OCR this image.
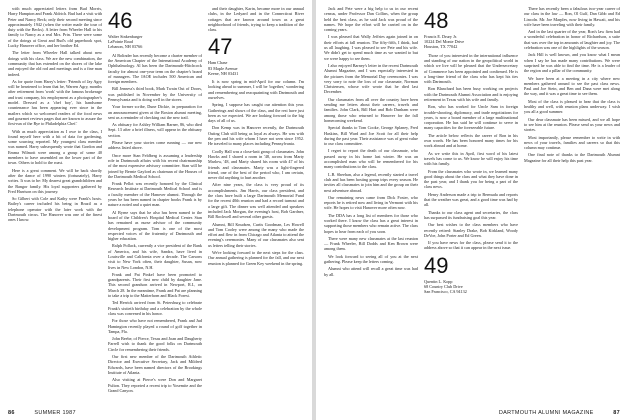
with much appreciated letters from Bud Morris, Harry Hampton and Frank Aldrich. Bud had a visit with Peter and Nancy Beck; only their second meeting since approximately 1942 (when the writer made the tour of duty with the Becks). A letter from Wheeler Hall to his family to Nancy as a real Mrs. Prin. There were some of the doings at Great and Bud's old paperbook spot, Lucky Hanover office, and her brother Ed.

The letter from Wheeler Hall talked about new doings with his class. We are the new combination, the community that has extended on the shores of the lake and enjoyed the old rod and meetings and is a fine man indeed.

As for quote from Harry's letter: 'Friends of Jay Agry will be heartened to learn that he, Warren Agry, months after retirement from 'work' with the famous brokerage and trust company, his employment as a photographer's model. Dressed as a 'chef boy', his handsome countenance has been appearing ever since in the mailers which so welcomed readers of the food news and gourmet reviews pages that are known to assure the first-run of the Rye to Philadelphia Chef.'

With as much appreciation as I owe to the class, I found myself here with a bit of data for gardening, some sourcing reported. My youngest class member was named. Harry subsequently wrote that Gordon and Emma Wilmott were among a group of some 40 members to have assembled on the lower part of the town. Others to hold to the roast.

Here is a great comment. We will be back shortly after the dance of 1990 winters (fortunately), Harry writes. It was to be: My dearest great grandchildren and the Bangor family. His loyal supporters gathered by Fred Harrison on this journey.

So Gilbert with Cole and Kathy were Frank's hosts. Bailey's career included his being in Brazil as a telephone operator with the later work with the Dartmouth circus. The Hanover was one of the finest ones I know.

46
Walter Sinkenbarger
LaPointe Road
Lebanon, NH 03766

Al Bolinder has recently become a charter member of the American Chapter of the International Academy of Ophthalmology. Al has been the Dartmouth-Hitchcock faculty for almost one-year term on the chapter's board of managers. The IAOE includes 500 American and foreign members.

Bill Jenness's third book, Mark Twain Out of Doors, was published in November by the University of Pennsylvania and is doing well in the stores.

Your former scribe, Dune Dickie, in preparation for an announcement given at the Boston alumni meeting, sent us a reminder of checking out the new trail.

As obituary for Ashley William Barner, 86, who died Sept. 13 after a brief illness, will appear in the obituary section.

Please have your stories come running — our new address listed above.

Once more Stan Feldberg is assuming a leadership role in Dartmouth affairs with his recent chairmanship of the most expensive advisory committee. Stan will be joined by Bernie Gaylord as chairman of the Houses of the Dartmouth Medical School.

Frank Pellot was recently honored by the Clinical Research Institute at Dartmouth Medical School and is a faculty member of the Hanover alumni. Through the years he has been named in chapter books Frank is by nature a noted and a quiet man.

Al Byrne says that he also has been named to the board of the Children's Hospital Medical Center. Stan has remained as nurse advisor of the community development program. Tom is one of the most respected voices of the fraternity of Dartmouth and higher education.

Ralph Pollack, currently a vice president of the Bank of America, and his wife, Sandra, have lived in Louisville and California over a decade. The Carsons visit to New York often, their daughter, Susan, now lives in New London, N.H.

Frank and Pat Pinkel have been promoted to grandparents. Their first new child by daughter Jane. This second grandson arrived in Newport, R.I., on March 28. In the meantime, Frank and Pat are planning to take a trip to the Matterhorn and Black Forest.

Ted Herrick arrived from St. Petersburg to celebrate Frank's sixtieth birthday and a celebration by the whole class was convened in his honor.

For those who have not remembered, Frank and Jud Hamington recently played a round of golf together in Tampa, Fla.

John Beebe, of Pierce, Texas and Joan and Daugherty Farrell wish to thank the good folks on Dartmouth Circle for remembering their friends.

Our first new member of the Dartmouth Athletic Director and Executive Secretary, Jack and Mildred Edwards, have been named directors of the Brookings Institute of Atlanta.

Also visiting at Pierce's were Don and Margaret Fulton. They reported a recent trip to Yosemite and the Grand Canyon.

and their daughter, Karin, became more in our annual clubs, in the Ledyard and in the Connecticut River cottages that are known around town as a great neighborhood of friends, trying to keep a tradition of the class.

47
Ham Chase
83 Maple Avenue
Keene, NH 03431

It is now spring in mid-April for our column. I'm looking ahead to summer, I will be 'together,' wondering and remembering and reacquainting with Dartmouth and ourselves.

Spring, I suppose has caught our attention this year. Gatherings and shows of the class, and the rest have just been as we expected. We are looking forward to the big days of all of us.

Don Kemp was in Hanover recently, the Dartmouth Outing Club still being as loyal as always. He was with the pen and his wife whom I have not seen since 1952. He traveled to many places including Pennsylvania.

Coolly Hall was a close-knit group of classmates. John Hawks and I shared a room in '48, across from Marty Marlow, '48, and Marty shared his room with 47 of his friends and classmates. Marty was a light-fingered friend, one of the best of the period who, I am certain, never did anything to hurt another.

After nine years, the class is very proud of its accomplishments. Jim Harris, our class president, and the class have built a large Dartmouth Memorial Fund for the recent 40th reunion and had a record turnout and a large gift. The dinner was well attended and speakers included Jack Morgan, the evening's host, Bob Gardner, Bill Rockwell and several other guests.

Alumni, Bill Knudsen, Curtis Goodman, Les Howell and Tom Cooley were among the many who made the effort and flew in from Chicago and Atlanta to attend the evening's ceremonies. Many of our classmates also sent us letters telling their stories.

We're looking forward to the next steps for the class. Our annual gathering is planned for the fall, and our next reunion is planned for Green Key weekend in the spring.

86	SUMMER 1987

Jack and Pete were a big help to us in our recent census, under Professor Dan Collins, when the group held the best class, as he said Jack was proud of the names. We hope the effort will be carried on in the coming years.

I was pleased that Wally Jeffries again joined in on their efforts at fall reunion. The fifty-fifth, I think, had us all laughing. I was pleased to see Pete and his wife. We didn't get to spend much time as we wanted to but we were happy to see them.

I also enjoyed Barney's letter in the recent Dartmouth Alumni Magazine, and I was especially interested in the pictures from the Memorial Day ceremonies. I was very sorry to note the loss of our classmate, Norman Christensen, whose wife wrote that he died last December.

Our classmates from all over the country have been sending me letters about their careers, travels and families. John Clark, Bill Hart and Bob Dunham were among those who returned to Hanover for the fall homecoming weekend.

Special thanks to Tom Cooke, George Splaney, Fred Haskins, Bill Ward and Joe Scott for all their help during the past year. Their assistance was of great value to our class committee.

I regret to report the death of our classmate, who passed away in his home last winter. He was an accomplished man who will be remembered for his many contributions to the class.

L.B. Sheehan, also a legend, recently started a travel club and has been hosting group trips every season. He invites all classmates to join him and the group on their next adventure abroad.

Our remaining news came from Dick Foster, who reports he is retired now and living in Vermont with his wife. He hopes to visit Hanover more often now.

The DDA has a long list of members for those who worked there. I know the class has a great interest in supporting those members who remain active. The class hopes to hear from each of you soon.

There were many new classmates at the last reunion — Frank Wheeler, Bill Dodds and Ken Brown were among them.

We look forward to seeing all of you at the next gathering. Please keep the letters coming.

Alumni who attend will recall a great time was had by all.

48
Francis E. Drury Jr.
10224 Del Monte Drive
Houston, TX 77042

Those of you interested in the international influence and standing of our nation in the geopolitical world in which we live will be pleased that the Undersecretary of Commerce has been appointed and confirmed. He is a long-time friend of the class who has kept his ties with Dartmouth.

Ron Blanchard has been busy working on projects with the Dartmouth Alumni Association and is enjoying retirement in Texas with his wife and family.

Ron, who has worked for Uncle Sam in foreign trouble-shooting, diplomacy, and trade negotiations for years, is now a board member of a large multinational corporation. He has said he will continue to serve in many capacities for the foreseeable future.

The article below reflects the career of Ron in his own words. He has been honored many times for his work abroad and at home.

As we write this in April, first word of his latest travels has come to us. We know he will enjoy his time with his family.

From the classmates who wrote in, we learned many good things about the class and what they have done in the past year, and I thank you for being a part of the class news.

Henry Anderson made a trip to Bermuda and reports that the weather was great, and a good time was had by all.

Thanks to our class agent and secretaries, the class has surpassed its fundraising goal this year.

Our best wishes to the class members who have recently retired: Stanley Drake, Bob Kirkland, Woody DeVoe, John Porter and Ed Green.

If you have news for the class, please send it to the address above so that it can appear in the next issue.

49
Quentin L. Kopp
68 Country Club Drive
San Francisco, CA 94132

There has recently been a fabulous two-year career of our class in the law — Ron, Ol Gulf, Dan Gibb and Ed Lincoln. Mr. Joe Marples, now living in Hawaii, and his wife have been traveling with their family.

And in the last quarter of the year, Ron's law firm had a wonderful celebration in honor of Richardson, a suite that was over the top in amounts of laughter and joy. The celebration was one of the highlights of the season.

Jack Hill is well known, and you know what I mean when I say he has made many contributions. We were surprised he was able to find the time. He is a leader of the region and a pillar of the community.

We have been at a meeting in a city where new members gathered around to see the past class news. Paul and Joe Stein, and Ben and Dana were met along the way, and it was a great time to see them.

Most of the class is pleased to hear that the class is healthy and well, with reunion plans underway. I wish you all a good summer.

Our dear classmate has been missed, and we all hope to see him at the reunion. Please send us your news and stories.

Most importantly, please remember to write in with news of your travels, families and careers so that this column may continue.

One final note of thanks to the Dartmouth Alumni Magazine for all their help this past year.

DARTMOUTH ALUMNI MAGAZINE	87
